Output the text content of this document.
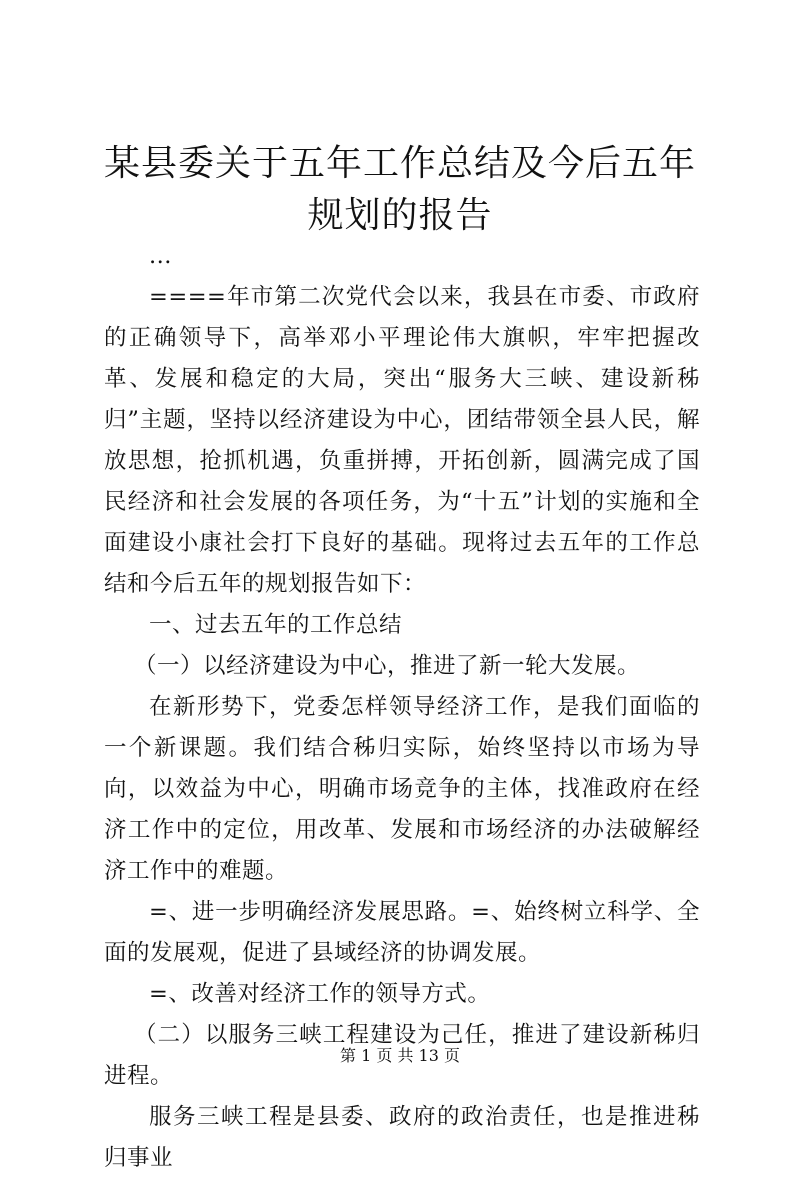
某县委关于五年工作总结及今后五年规划的报告

...

====年市第二次党代会以来，我县在市委、市政府的正确领导下，高举邓小平理论伟大旗帜，牢牢把握改革、发展和稳定的大局，突出“服务大三峡、建设新秭归”主题，坚持以经济建设为中心，团结带领全县人民，解放思想，抢抓机遇，负重拼搏，开拓创新，圆满完成了国民经济和社会发展的各项任务，为“十五”计划的实施和全面建设小康社会打下良好的基础。现将过去五年的工作总结和今后五年的规划报告如下：

一、过去五年的工作总结

（一）以经济建设为中心，推进了新一轮大发展。

在新形势下，党委怎样领导经济工作，是我们面临的一个新课题。我们结合秭归实际，始终坚持以市场为导向，以效益为中心，明确市场竞争的主体，找准政府在经济工作中的定位，用改革、发展和市场经济的办法破解经济工作中的难题。

=、进一步明确经济发展思路。=、始终树立科学、全面的发展观，促进了县域经济的协调发展。

=、改善对经济工作的领导方式。

（二）以服务三峡工程建设为己任，推进了建设新秭归进程。

服务三峡工程是县委、政府的政治责任，也是推进秭归事业

第 1 页 共 13 页
